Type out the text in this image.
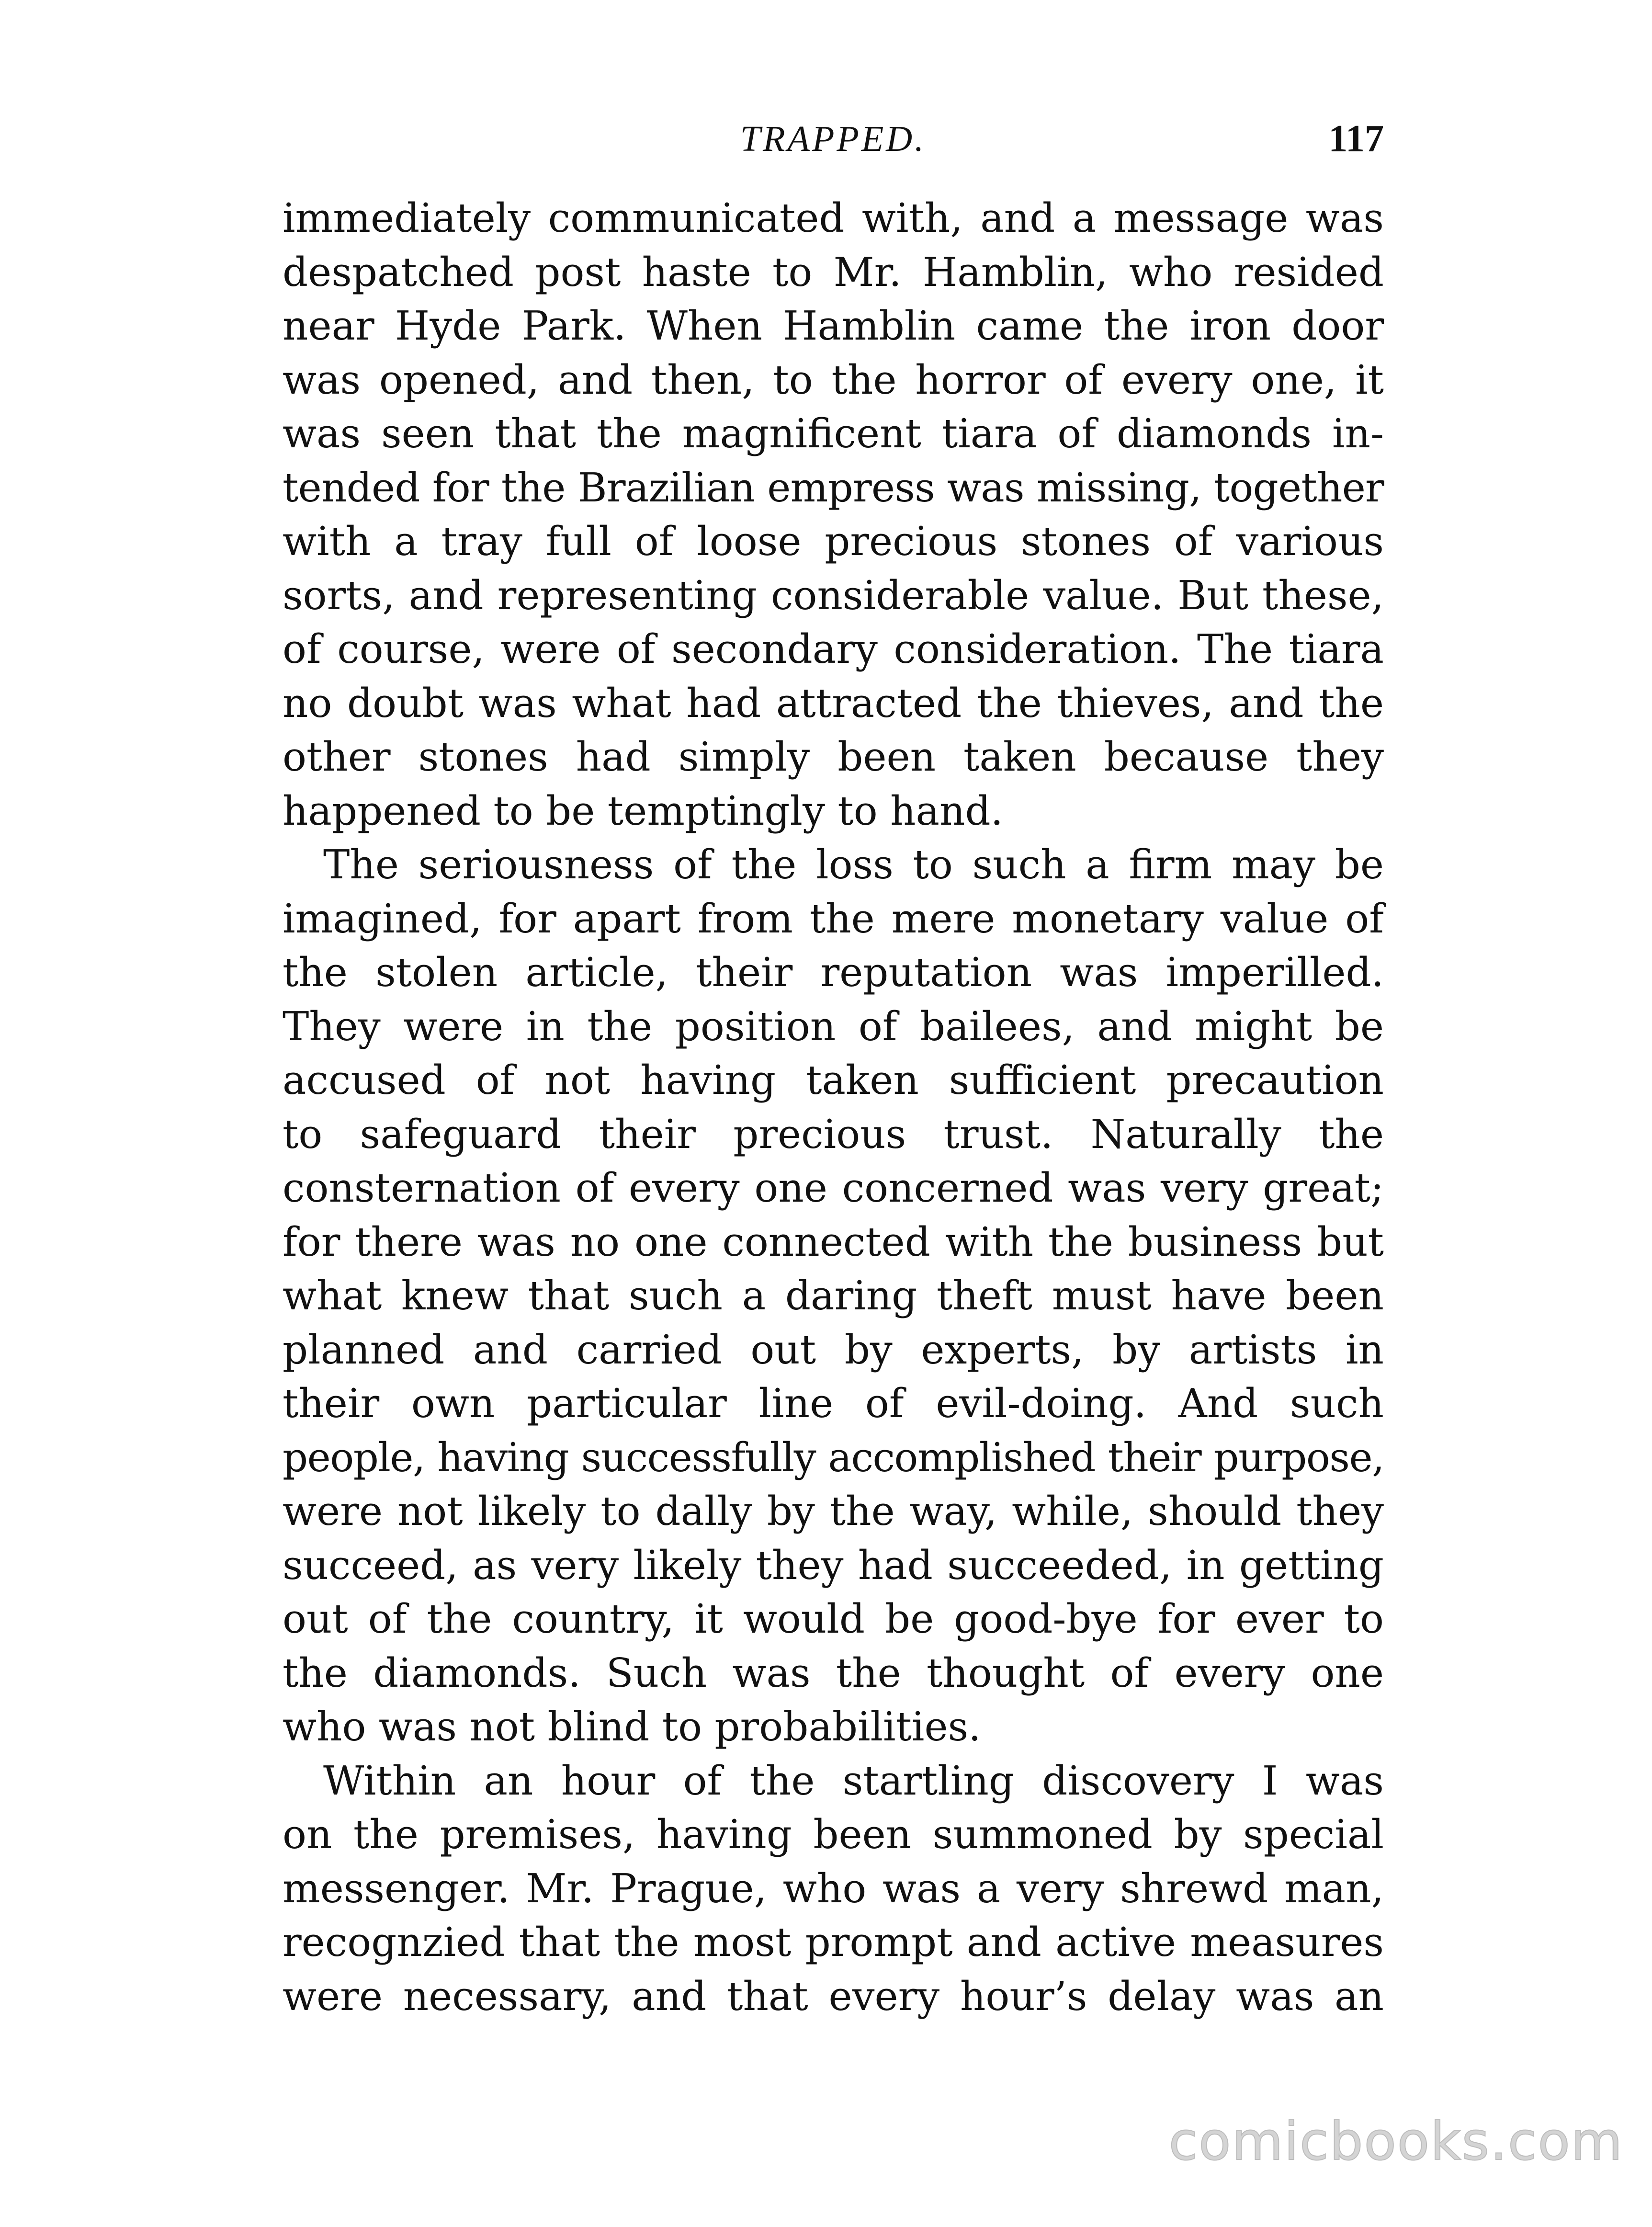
TRAPPED.	117
immediately communicated with, and a message was
despatched post haste to Mr. Hamblin, who resided
near Hyde Park. When Hamblin came the iron door
was opened, and then, to the horror of every one, it
was seen that the magnificent tiara of diamonds in-
tended for the Brazilian empress was missing, together
with a tray full of loose precious stones of various
sorts, and representing considerable value. But these,
of course, were of secondary consideration. The tiara
no doubt was what had attracted the thieves, and the
other stones had simply been taken because they
happened to be temptingly to hand.
The seriousness of the loss to such a firm may be
imagined, for apart from the mere monetary value of
the stolen article, their reputation was imperilled.
They were in the position of bailees, and might be
accused of not having taken sufficient precaution
to safeguard their precious trust. Naturally the
consternation of every one concerned was very great;
for there was no one connected with the business but
what knew that such a daring theft must have been
planned and carried out by experts, by artists in
their own particular line of evil-doing. And such
people, having successfully accomplished their purpose,
were not likely to dally by the way, while, should they
succeed, as very likely they had succeeded, in getting
out of the country, it would be good-bye for ever to
the diamonds. Such was the thought of every one
who was not blind to probabilities.
Within an hour of the startling discovery I was
on the premises, having been summoned by special
messenger. Mr. Prague, who was a very shrewd man,
recognzied that the most prompt and active measures
were necessary, and that every hour’s delay was an
comicbooks.com
